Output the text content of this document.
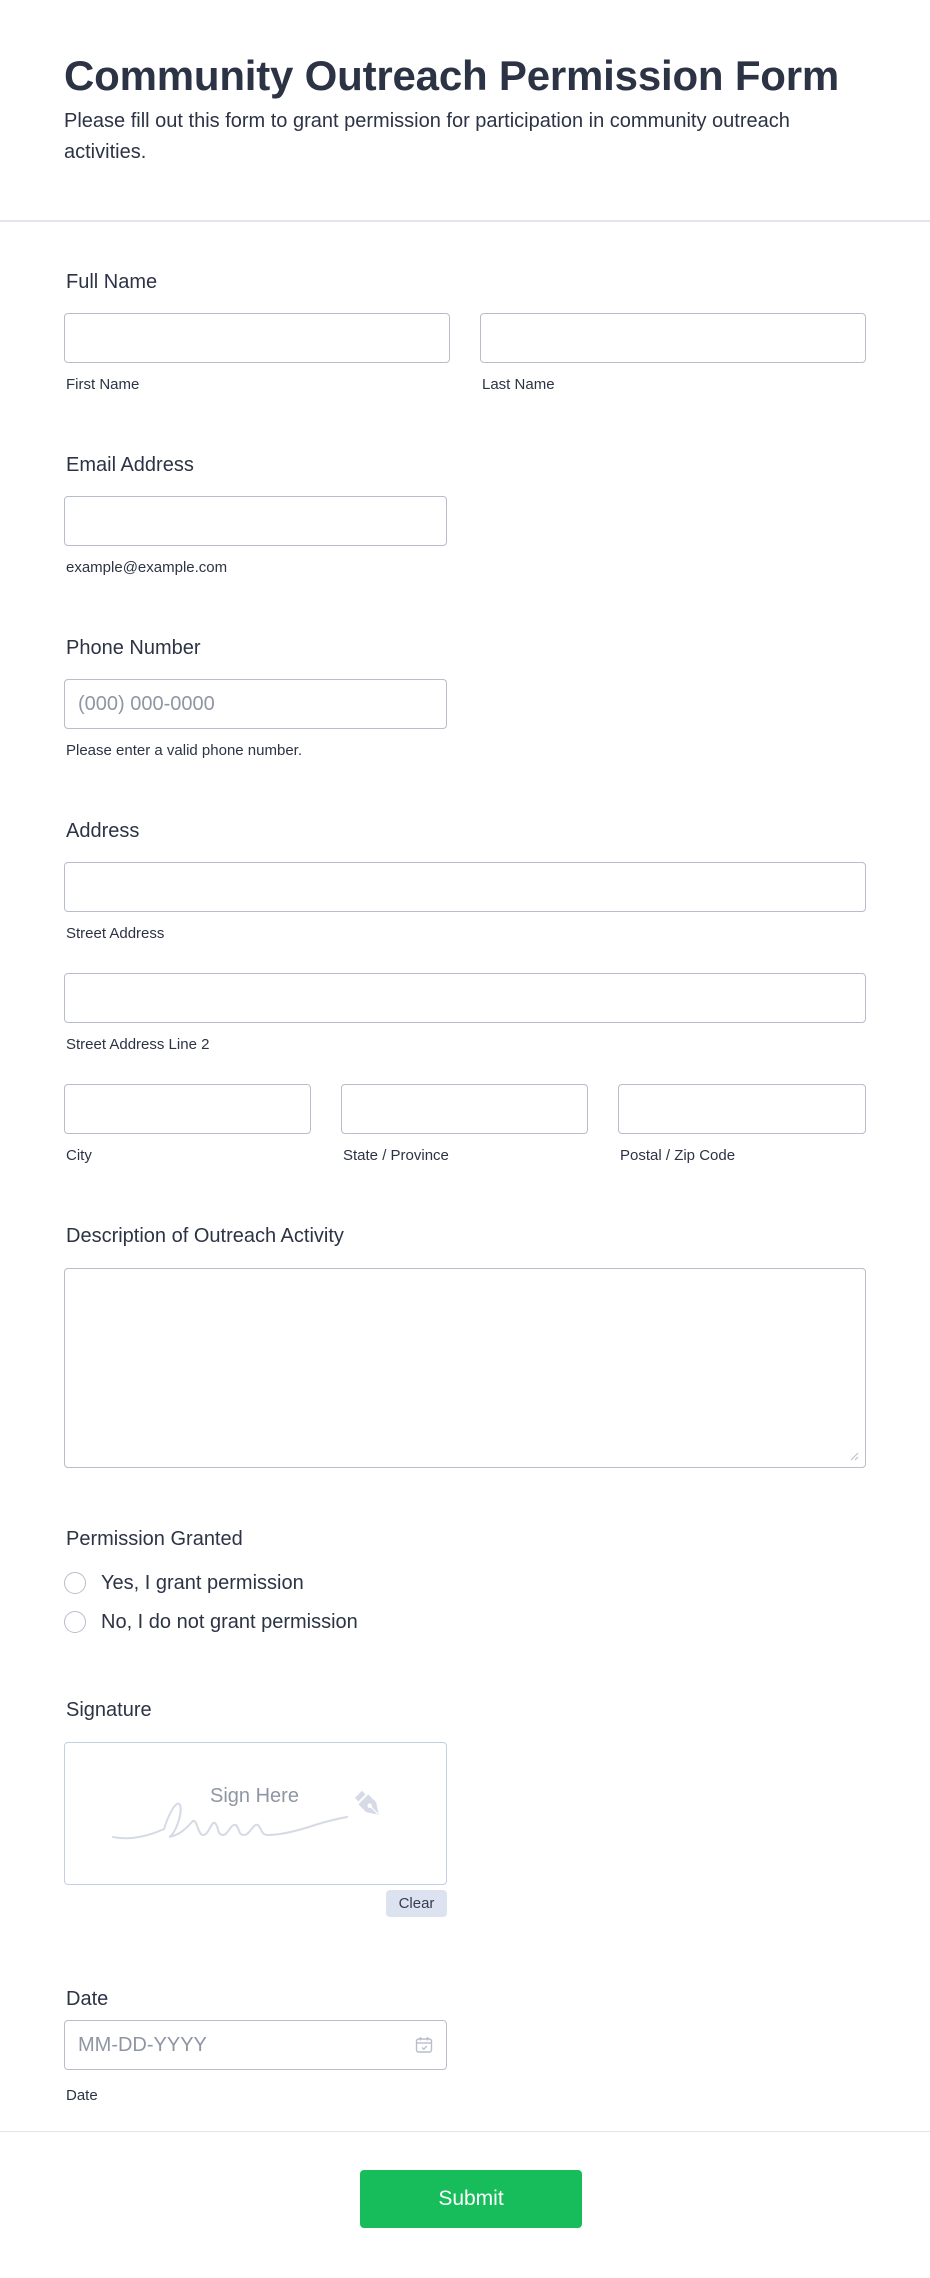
Community Outreach Permission Form

Please fill out this form to grant permission for participation in community outreach activities.

Full Name
First Name	Last Name
Email Address
example@example.com
Phone Number
(000) 000-0000
Please enter a valid phone number.
Address
Street Address
Street Address Line 2
City	State / Province	Postal / Zip Code
Description of Outreach Activity
Permission Granted
Yes, I grant permission
No, I do not grant permission
Signature
Sign Here
Clear
Date
MM-DD-YYYY
Date
Submit
